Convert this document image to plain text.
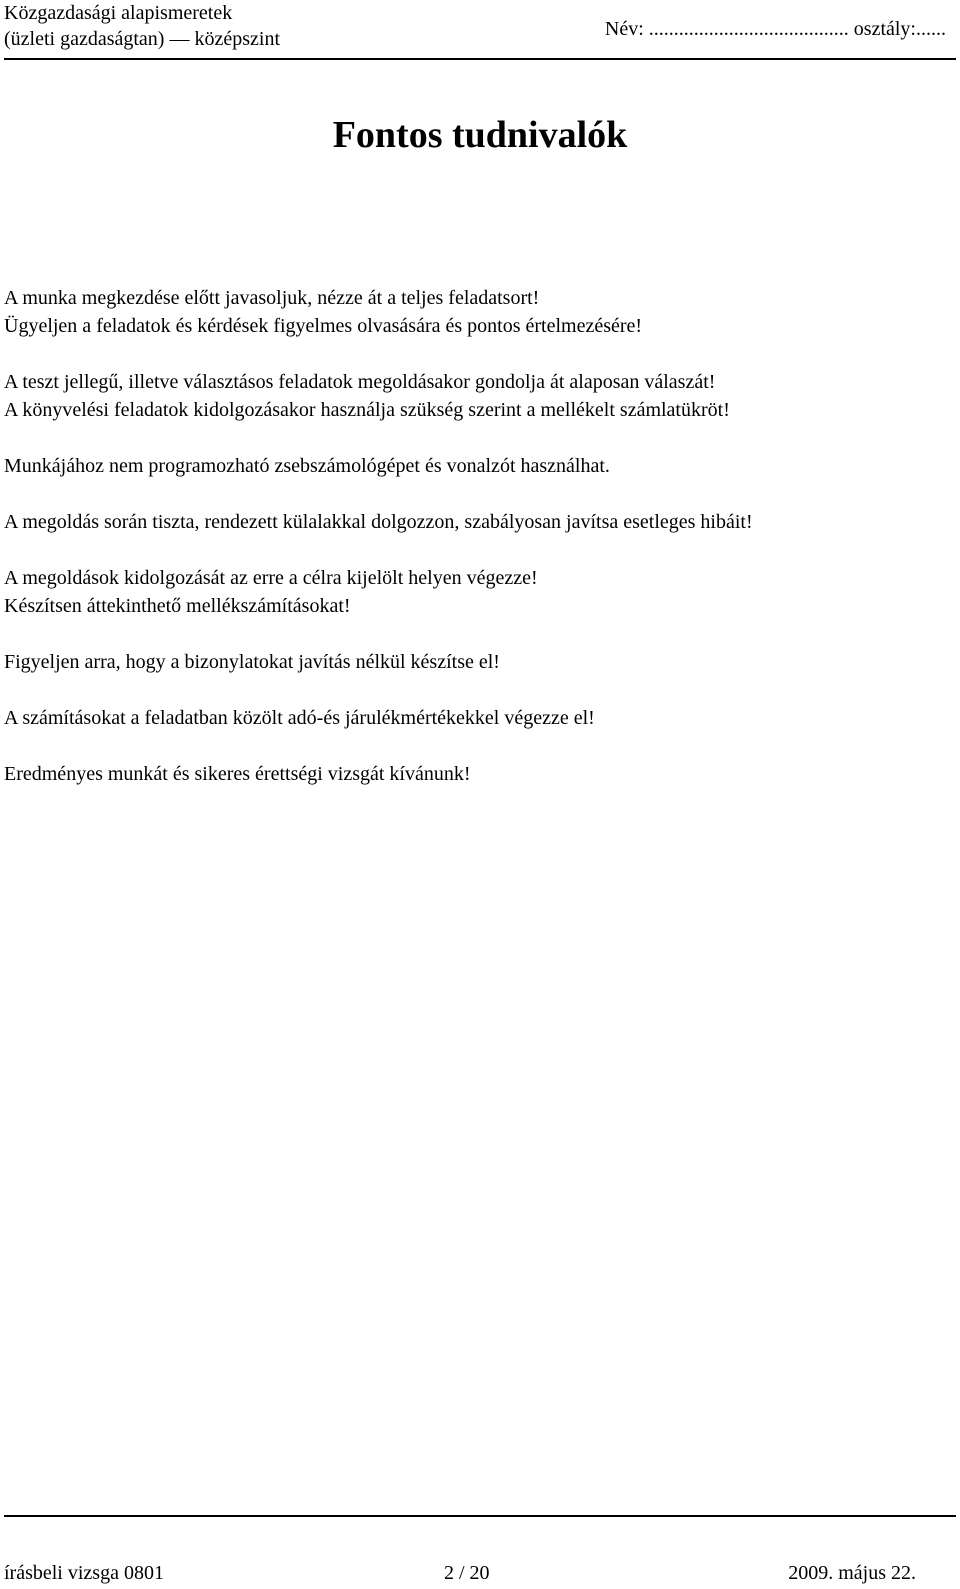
Közgazdasági alapismeretek
(üzleti gazdaságtan) — középszint	Név: ........................................ osztály:......
Fontos tudnivalók
A munka megkezdése előtt javasoljuk, nézze át a teljes feladatsort!
Ügyeljen a feladatok és kérdések figyelmes olvasására és pontos értelmezésére!
A teszt jellegű, illetve választásos feladatok megoldásakor gondolja át alaposan válaszát!
A könyvelési feladatok kidolgozásakor használja szükség szerint a mellékelt számlatükröt!
Munkájához nem programozható zsebszámológépet és vonalzót használhat.
A megoldás során tiszta, rendezett külalakkal dolgozzon, szabályosan javítsa esetleges hibáit!
A megoldások kidolgozását az erre a célra kijelölt helyen végezze!
Készítsen áttekinthető mellékszámításokat!
Figyeljen arra, hogy a bizonylatokat javítás nélkül készítse el!
A számításokat a feladatban közölt adó-és járulékmértékekkel végezze el!
Eredményes munkát és sikeres érettségi vizsgát kívánunk!
írásbeli vizsga 0801	2 / 20	2009. május 22.
